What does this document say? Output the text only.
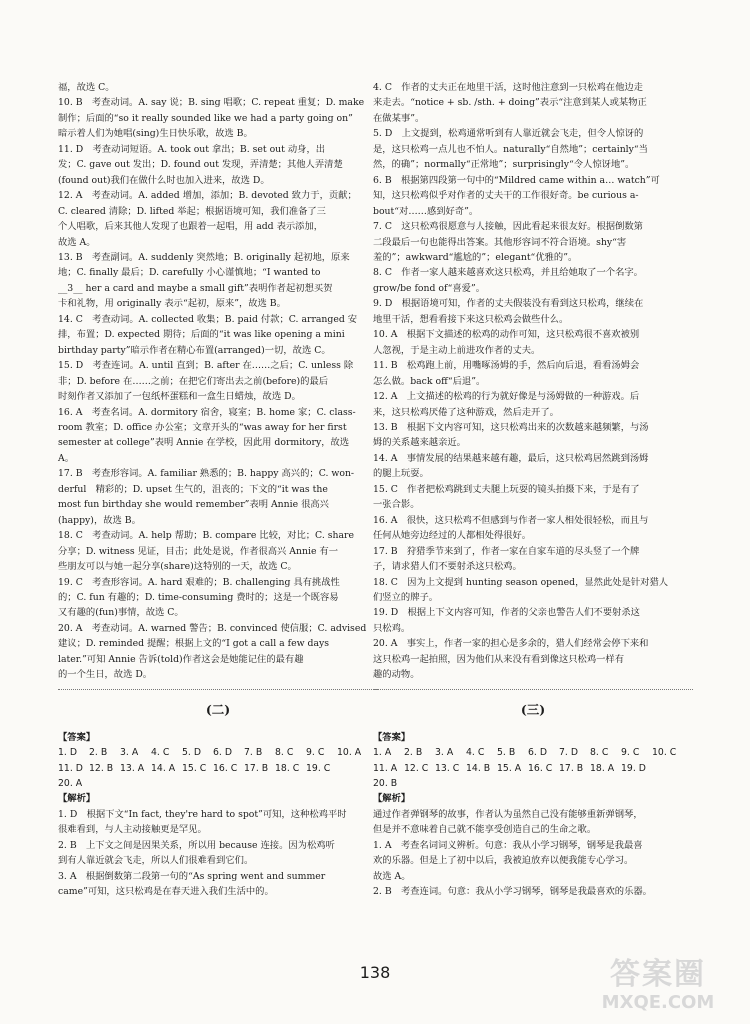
福，故选 C。

10. B　考查动词。A. say 说；B. sing 唱歌；C. repeat 重复；D. make

制作；后面的“so it really sounded like we had a party going on”

暗示着人们为她唱(sing)生日快乐歌，故选 B。

11. D　考查动词短语。A. took out 拿出；B. set out 动身，出

发；C. gave out 发出；D. found out 发现，弄清楚；其他人弄清楚

(found out)我们在做什么时也加入进来，故选 D。

12. A　考查动词。A. added 增加，添加；B. devoted 致力于，贡献；

C. cleared 清除；D. lifted 举起；根据语境可知，我们准备了三

个人唱歌，后来其他人发现了也跟着一起唱，用 add 表示添加，

故选 A。

13. B　考查副词。A. suddenly 突然地；B. originally 起初地，原来

地；C. finally 最后；D. carefully 小心谨慎地；“I wanted to

__3__ her a card and maybe a small gift”表明作者起初想买贺

卡和礼物，用 originally 表示“起初，原来”，故选 B。

14. C　考查动词。A. collected 收集；B. paid 付款；C. arranged 安

排，布置；D. expected 期待；后面的“it was like opening a mini

birthday party”暗示作者在精心布置(arranged)一切，故选 C。

15. D　考查连词。A. until 直到；B. after 在……之后；C. unless 除

非；D. before 在……之前；在把它们寄出去之前(before)的最后

时刻作者又添加了一包纸杯蛋糕和一盒生日蜡烛，故选 D。

16. A　考查名词。A. dormitory 宿舍，寝室；B. home 家；C. class-

room 教室；D. office 办公室；文章开头的“was away for her first

semester at college”表明 Annie 在学校，因此用 dormitory，故选

A。

17. B　考查形容词。A. familiar 熟悉的；B. happy 高兴的；C. won-

derful　精彩的；D. upset 生气的，沮丧的；下文的“it was the

most fun birthday she would remember”表明 Annie 很高兴

(happy)，故选 B。

18. C　考查动词。A. help 帮助；B. compare 比较，对比；C. share

分享；D. witness 见证，目击；此处是说，作者很高兴 Annie 有一

些朋友可以与她一起分享(share)这特别的一天，故选 C。

19. C　考查形容词。A. hard 艰难的；B. challenging 具有挑战性

的；C. fun 有趣的；D. time-consuming 费时的；这是一个既容易

又有趣的(fun)事情，故选 C。

20. A　考查动词。A. warned 警告；B. convinced 使信服；C. advised

建议；D. reminded 提醒；根据上文的“I got a call a few days

later.”可知 Annie 告诉(told)作者这会是她能记住的最有趣

的一个生日，故选 D。

(二)
【答案】
1. D	2. B	3. A	4. C	5. D	6. D	7. B	8. C	9. C	10. A
11. D 12. B 13. A 14. A 15. C 16. C 17. B 18. C 19. C
20. A
【解析】

1. D　根据下文“In fact, they're hard to spot”可知，这种松鸡平时

很难看到，与人主动接触更是罕见。

2. B　上下文之间是因果关系，所以用 because 连接。因为松鸡听

到有人靠近就会飞走，所以人们很难看到它们。

3. A　根据倒数第二段第一句的“As spring went and summer

came”可知，这只松鸡是在春天进入我们生活中的。

4. C　作者的丈夫正在地里干活，这时他注意到一只松鸡在他边走

来走去。“notice + sb. /sth. + doing”表示“注意到某人或某物正

在做某事”。

5. D　上文提到，松鸡通常听到有人靠近就会飞走，但令人惊讶的

是，这只松鸡一点儿也不怕人。naturally“自然地”；certainly“当

然，的确”；normally“正常地”；surprisingly“令人惊讶地”。

6. B　根据第四段第一句中的“Mildred came within a… watch”可

知，这只松鸡似乎对作者的丈夫干的工作很好奇。be curious a-

bout“对……感到好奇”。

7. C　这只松鸡很愿意与人接触，因此看起来很友好。根据倒数第

二段最后一句也能得出答案。其他形容词不符合语境。shy“害

羞的”；awkward“尴尬的”；elegant“优雅的”。

8. C　作者一家人越来越喜欢这只松鸡，并且给她取了一个名字。

grow/be fond of“喜爱”。

9. D　根据语境可知，作者的丈夫假装没有看到这只松鸡，继续在

地里干活，想看看接下来这只松鸡会做些什么。

10. A　根据下文描述的松鸡的动作可知，这只松鸡很不喜欢被别

人忽视，于是主动上前进攻作者的丈夫。

11. B　松鸡跑上前，用嘴啄汤姆的手，然后向后退，看看汤姆会

怎么做。back off“后退”。

12. A　上文描述的松鸡的行为就好像是与汤姆做的一种游戏。后

来，这只松鸡厌倦了这种游戏，然后走开了。

13. B　根据下文内容可知，这只松鸡出来的次数越来越频繁，与汤

姆的关系越来越亲近。

14. A　事情发展的结果越来越有趣，最后，这只松鸡居然跳到汤姆

的腿上玩耍。

15. C　作者把松鸡跳到丈夫腿上玩耍的镜头拍摄下来，于是有了

一张合影。

16. A　很快，这只松鸡不但感到与作者一家人相处很轻松，而且与

任何从她旁边经过的人都相处得很好。

17. B　狩猎季节来到了，作者一家在自家车道的尽头竖了一个牌

子，请求猎人们不要射杀这只松鸡。

18. C　因为上文提到 hunting season opened，显然此处是针对猎人

们竖立的牌子。

19. D　根据上下文内容可知，作者的父亲也警告人们不要射杀这

只松鸡。

20. A　事实上，作者一家的担心是多余的，猎人们经常会停下来和

这只松鸡一起拍照，因为他们从来没有看到像这只松鸡一样有

趣的动物。

(三)
【答案】
1. A	2. B	3. A	4. C	5. B	6. D	7. D	8. C	9. C	10. C
11. A 12. C 13. C 14. B 15. A 16. C 17. B 18. A 19. D
20. B
【解析】

通过作者弹钢琴的故事，作者认为虽然自己没有能够重新弹钢琴，

但是并不意味着自己就不能享受创造自己的生命之歌。

1. A　考查名词词义辨析。句意：我从小学习钢琴，钢琴是我最喜

欢的乐器。但是上了初中以后，我被迫放弃以便我能专心学习。

故选 A。

2. B　考查连词。句意：我从小学习钢琴，钢琴是我最喜欢的乐器。

138	答案圈
MXQE.COM
